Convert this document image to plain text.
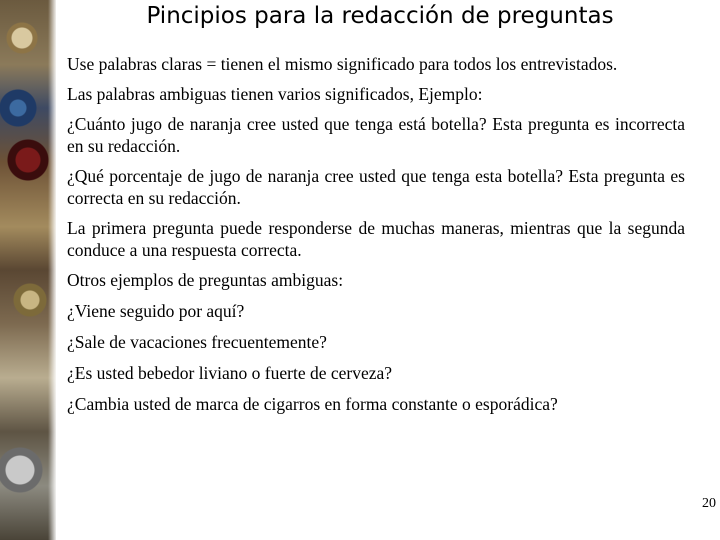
Pincipios para la redacción de preguntas

Use palabras claras = tienen el mismo significado para todos los entrevistados.

Las palabras ambiguas tienen varios significados, Ejemplo:

¿Cuánto jugo de naranja cree usted que tenga está botella? Esta pregunta es incorrecta en su redacción.

¿Qué porcentaje de jugo de naranja cree usted que tenga esta botella? Esta pregunta es correcta en su redacción.

La primera pregunta puede responderse de muchas maneras, mientras que la segunda conduce a una respuesta correcta.

Otros ejemplos de preguntas ambiguas:

¿Viene seguido por aquí?

¿Sale de vacaciones frecuentemente?

¿Es usted bebedor liviano o fuerte de cerveza?

¿Cambia usted de marca de cigarros en forma constante o esporádica?

20
